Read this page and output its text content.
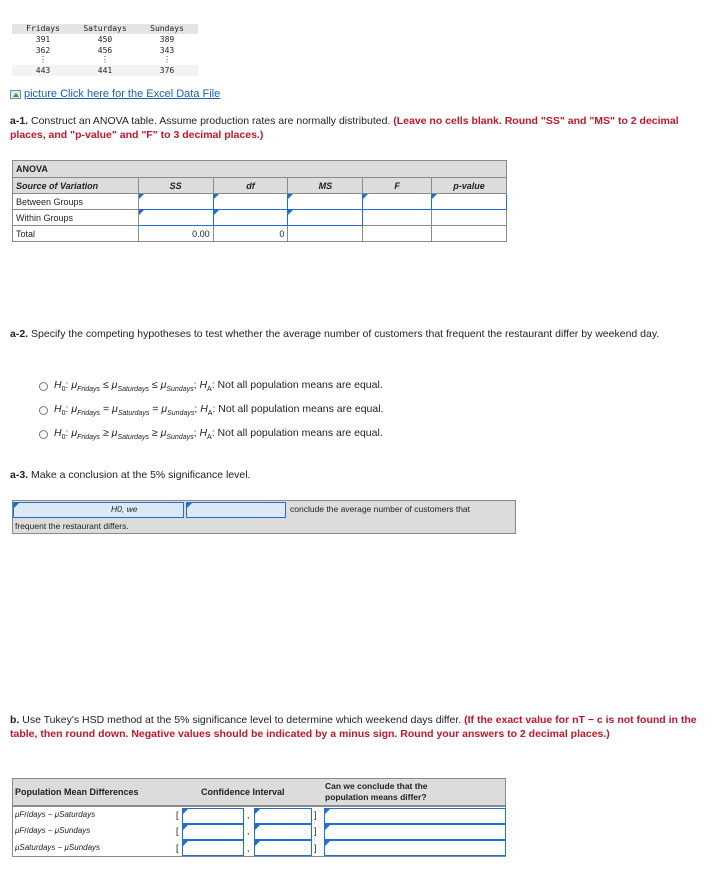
Fridays	Saturdays	Sundays
391	450	389
362	456	343
⋮	⋮	⋮
443	441	376
picture Click here for the Excel Data File
a-1. Construct an ANOVA table. Assume production rates are normally distributed. (Leave no cells blank. Round "SS" and "MS" to 2 decimal places, and "p-value" and "F" to 3 decimal places.)
ANOVA					
Source of Variation	SS	df	MS	F	p-value
Between Groups					
Within Groups					
Total	0.00	0			
a-2. Specify the competing hypotheses to test whether the average number of customers that frequent the restaurant differ by weekend day.
$H_0$: $\mu_{Fridays} \le \mu_{Saturdays} \le \mu_{Sundays}$; $H_A$: Not all population means are equal.
$H_0$: $\mu_{Fridays} = \mu_{Saturdays} = \mu_{Sundays}$; $H_A$: Not all population means are equal.
$H_0$: $\mu_{Fridays} \ge \mu_{Saturdays} \ge \mu_{Sundays}$; $H_A$: Not all population means are equal.
a-3. Make a conclusion at the 5% significance level.
H0, we	conclude the average number of customers that
frequent the restaurant differs.
b. Use Tukey's HSD method at the 5% significance level to determine which weekend days differ. (If the exact value for nT − c is not found in the table, then round down. Negative values should be indicated by a minus sign. Round your answers to 2 decimal places.)
Population Mean Differences	Confidence Interval
Can we conclude that the population means differ?
μFridays − μSaturdays	[	,	]
μFridays − μSundays	[	,	]
μSaturdays − μSundays	[	,	]
